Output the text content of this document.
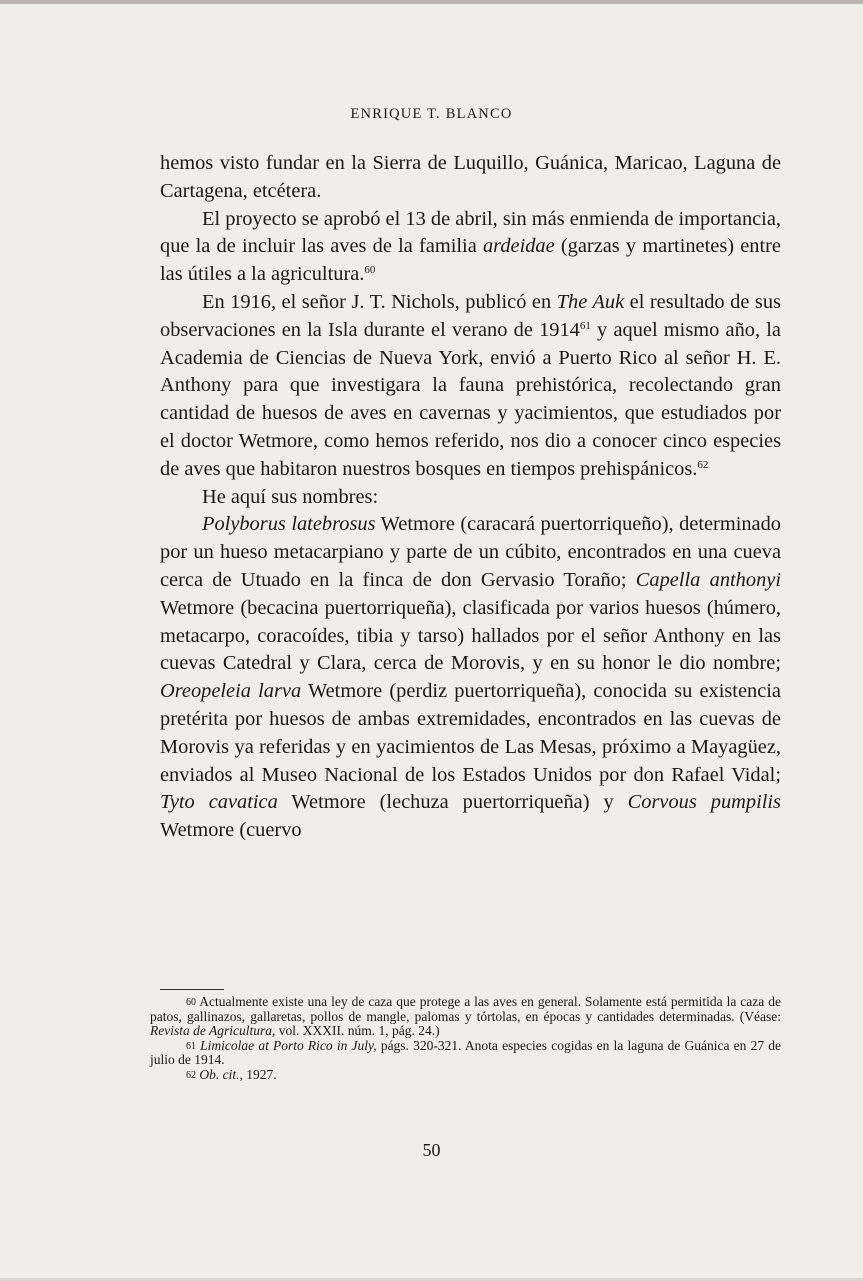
ENRIQUE T. BLANCO

hemos visto fundar en la Sierra de Luquillo, Guánica, Maricao, Laguna de Cartagena, etcétera.

El proyecto se aprobó el 13 de abril, sin más enmienda de importancia, que la de incluir las aves de la familia ardeidae (garzas y martinetes) entre las útiles a la agricultura.$^{60}$

En 1916, el señor J. T. Nichols, publicó en The Auk el resultado de sus observaciones en la Isla durante el verano de 1914$^{61}$ y aquel mismo año, la Academia de Ciencias de Nueva York, envió a Puerto Rico al señor H. E. Anthony para que investigara la fauna prehistórica, recolectando gran cantidad de huesos de aves en cavernas y yacimientos, que estudiados por el doctor Wetmore, como hemos referido, nos dio a conocer cinco especies de aves que habitaron nuestros bosques en tiempos prehispánicos.$^{62}$

He aquí sus nombres:

Polyborus latebrosus Wetmore (caracará puertorriqueño), determinado por un hueso metacarpiano y parte de un cúbito, encontrados en una cueva cerca de Utuado en la finca de don Gervasio Toraño; Capella anthonyi Wetmore (becacina puertorriqueña), clasificada por varios huesos (húmero, metacarpo, coracoídes, tibia y tarso) hallados por el señor Anthony en las cuevas Catedral y Clara, cerca de Morovis, y en su honor le dio nombre; Oreopeleia larva Wetmore (perdiz puertorriqueña), conocida su existencia pretérita por huesos de ambas extremidades, encontrados en las cuevas de Morovis ya referidas y en yacimientos de Las Mesas, próximo a Mayagüez, enviados al Museo Nacional de los Estados Unidos por don Rafael Vidal; Tyto cavatica Wetmore (lechuza puertorriqueña) y Corvous pumpilis Wetmore (cuervo

$^{60}$ Actualmente existe una ley de caza que protege a las aves en general. Solamente está permitida la caza de patos, gallinazos, gallaretas, pollos de mangle, palomas y tórtolas, en épocas y cantidades determinadas. (Véase: Revista de Agricultura, vol. XXXII. núm. 1, pág. 24.)

$^{61}$ Limicolae at Porto Rico in July, págs. 320-321. Anota especies cogidas en la laguna de Guánica en 27 de julio de 1914.

$^{62}$ Ob. cit., 1927.

50
